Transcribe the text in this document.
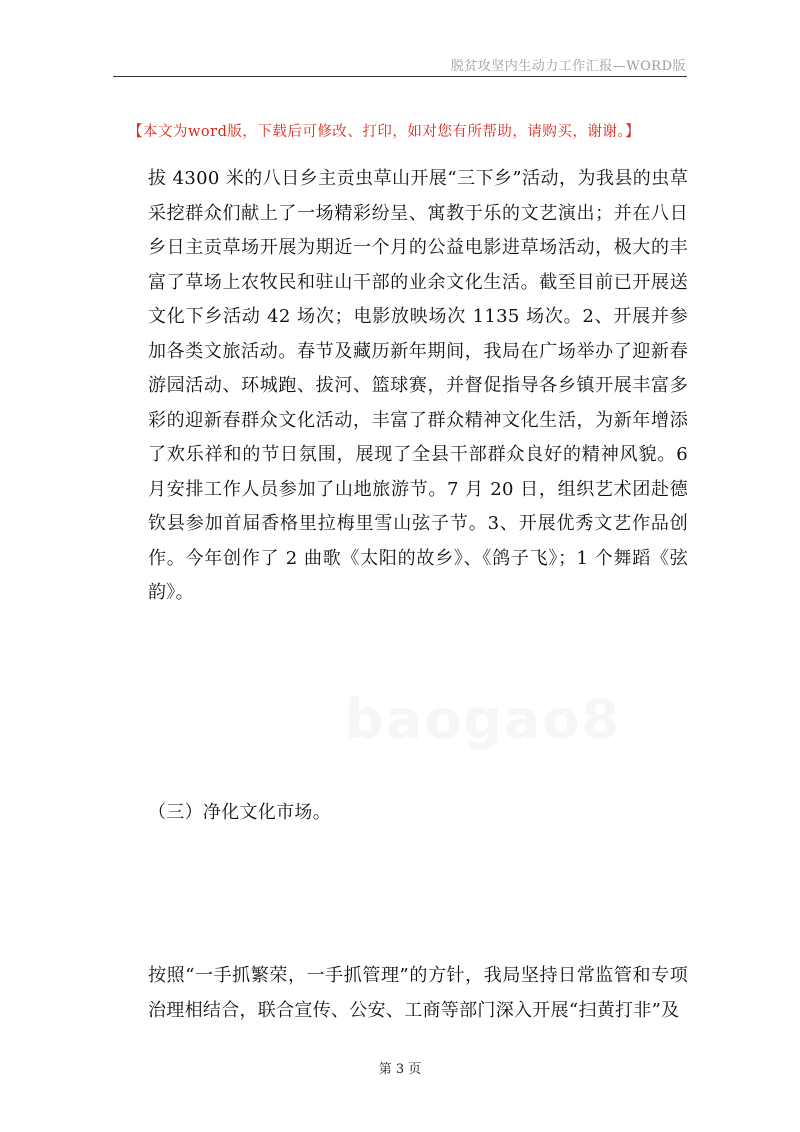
脱贫攻坚内生动力工作汇报—WORD版
【本文为word版，下载后可修改、打印，如对您有所帮助，请购买，谢谢。】
拔 4300 米的八日乡主贡虫草山开展“三下乡”活动，为我县的虫草采挖群众们献上了一场精彩纷呈、寓教于乐的文艺演出；并在八日乡日主贡草场开展为期近一个月的公益电影进草场活动，极大的丰富了草场上农牧民和驻山干部的业余文化生活。截至目前已开展送文化下乡活动 42 场次；电影放映场次 1135 场次。2、开展并参加各类文旅活动。春节及藏历新年期间，我局在广场举办了迎新春游园活动、环城跑、拔河、篮球赛，并督促指导各乡镇开展丰富多彩的迎新春群众文化活动，丰富了群众精神文化生活，为新年增添了欢乐祥和的节日氛围，展现了全县干部群众良好的精神风貌。6 月安排工作人员参加了山地旅游节。7 月 20 日，组织艺术团赴德钦县参加首届香格里拉梅里雪山弦子节。3、开展优秀文艺作品创作。今年创作了 2 曲歌《太阳的故乡》、《鸽子飞》；1 个舞蹈《弦韵》。
（三）净化文化市场。
按照“一手抓繁荣，一手抓管理”的方针，我局坚持日常监管和专项治理相结合，联合宣传、公安、工商等部门深入开展“扫黄打非”及
第 3 页
